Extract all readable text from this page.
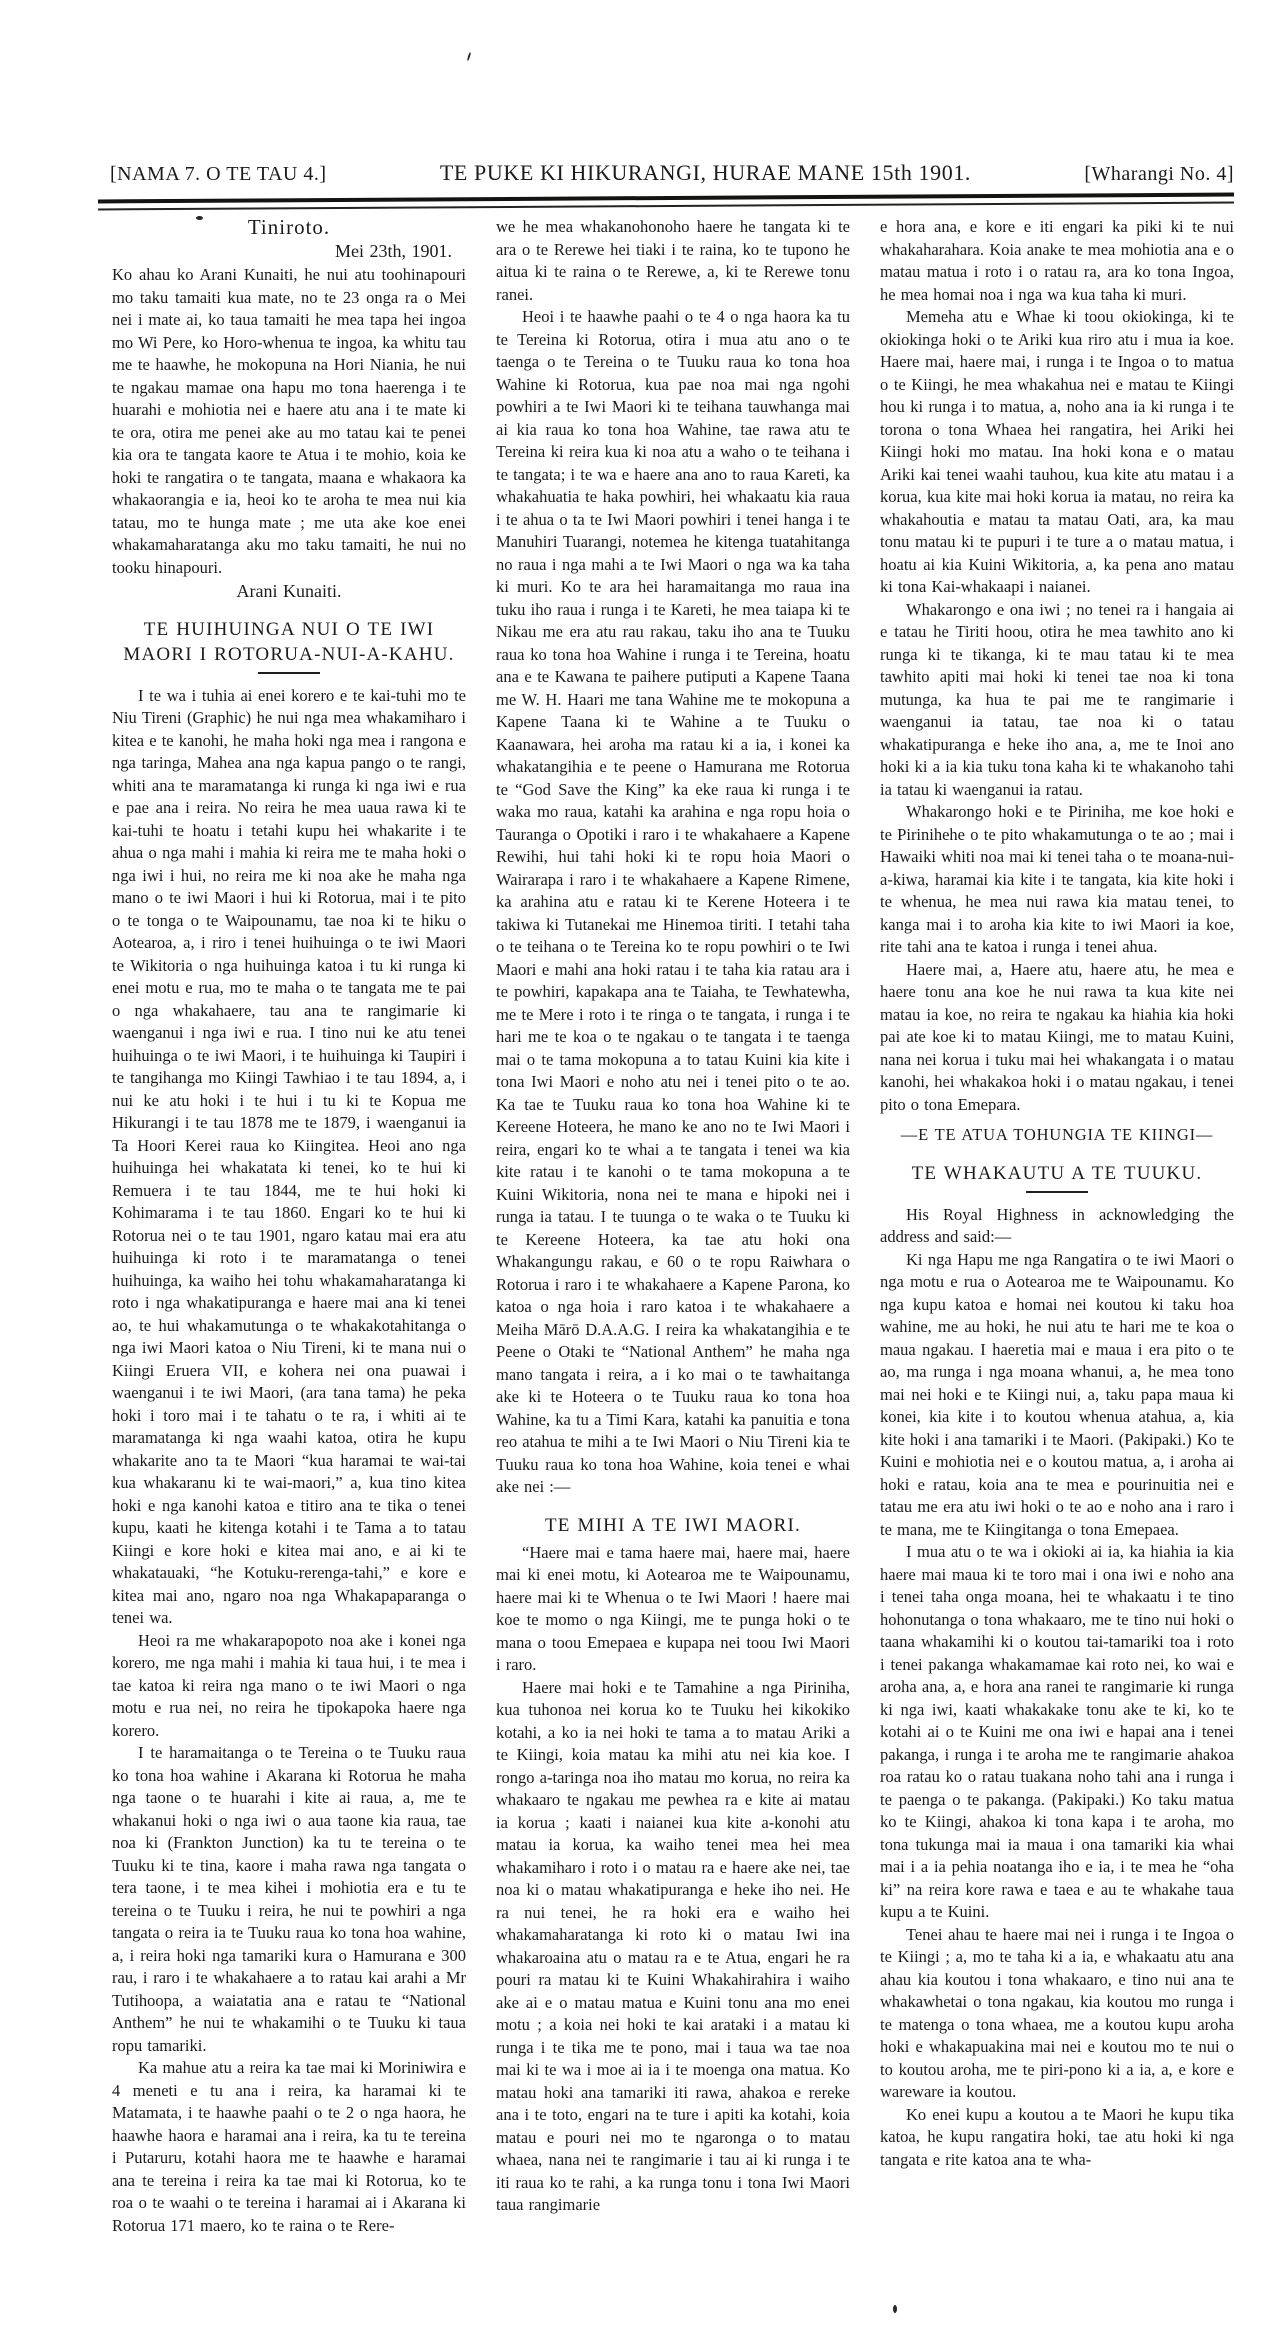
[NAMA 7. O TE TAU 4.]	TE PUKE KI HIKURANGI, HURAE MANE 15th 1901.	[Wharangi No. 4]

Tiniroto.

Mei 23th, 1901.

Ko ahau ko Arani Kunaiti, he nui atu toohinapouri mo taku tamaiti kua mate, no te 23 onga ra o Mei nei i mate ai, ko taua tamaiti he mea tapa hei ingoa mo Wi Pere, ko Horo-whenua te ingoa, ka whitu tau me te haawhe, he mokopuna na Hori Niania, he nui te ngakau mamae ona hapu mo tona haerenga i te huarahi e mohiotia nei e haere atu ana i te mate ki te ora, otira me penei ake au mo tatau kai te penei kia ora te tangata kaore te Atua i te mohio, koia ke hoki te rangatira o te tangata, maana e whakaora ka whakaorangia e ia, heoi ko te aroha te mea nui kia tatau, mo te hunga mate ; me uta ake koe enei whakamaharatanga aku mo taku tamaiti, he nui no tooku hinapouri.

Arani Kunaiti.

TE HUIHUINGA NUI O TE IWI MAORI I ROTORUA-NUI-A-KAHU.

I te wa i tuhia ai enei korero e te kai-tuhi mo te Niu Tireni (Graphic) he nui nga mea whakamiharo i kitea e te kanohi, he maha hoki nga mea i rangona e nga taringa, Mahea ana nga kapua pango o te rangi, whiti ana te maramatanga ki runga ki nga iwi e rua e pae ana i reira. No reira he mea uaua rawa ki te kai-tuhi te hoatu i tetahi kupu hei whakarite i te ahua o nga mahi i mahia ki reira me te maha hoki o nga iwi i hui, no reira me ki noa ake he maha nga mano o te iwi Maori i hui ki Rotorua, mai i te pito o te tonga o te Waipounamu, tae noa ki te hiku o Aotearoa, a, i riro i tenei huihuinga o te iwi Maori te Wikitoria o nga huihuinga katoa i tu ki runga ki enei motu e rua, mo te maha o te tangata me te pai o nga whakahaere, tau ana te rangimarie ki waenganui i nga iwi e rua. I tino nui ke atu tenei huihuinga o te iwi Maori, i te huihuinga ki Taupiri i te tangihanga mo Kiingi Tawhiao i te tau 1894, a, i nui ke atu hoki i te hui i tu ki te Kopua me Hikurangi i te tau 1878 me te 1879, i waenganui ia Ta Hoori Kerei raua ko Kiingitea. Heoi ano nga huihuinga hei whakatata ki tenei, ko te hui ki Remuera i te tau 1844, me te hui hoki ki Kohimarama i te tau 1860. Engari ko te hui ki Rotorua nei o te tau 1901, ngaro katau mai era atu huihuinga ki roto i te maramatanga o tenei huihuinga, ka waiho hei tohu whakamaharatanga ki roto i nga whakatipuranga e haere mai ana ki tenei ao, te hui whakamutunga o te whakakotahitanga o nga iwi Maori katoa o Niu Tireni, ki te mana nui o Kiingi Eruera VII, e kohera nei ona puawai i waenganui i te iwi Maori, (ara tana tama) he peka hoki i toro mai i te tahatu o te ra, i whiti ai te maramatanga ki nga waahi katoa, otira he kupu whakarite ano ta te Maori “kua haramai te wai-tai kua whakaranu ki te wai-maori,” a, kua tino kitea hoki e nga kanohi katoa e titiro ana te tika o tenei kupu, kaati he kitenga kotahi i te Tama a to tatau Kiingi e kore hoki e kitea mai ano, e ai ki te whakatauaki, “he Kotuku-rerenga-tahi,” e kore e kitea mai ano, ngaro noa nga Whakapaparanga o tenei wa.

Heoi ra me whakarapopoto noa ake i konei nga korero, me nga mahi i mahia ki taua hui, i te mea i tae katoa ki reira nga mano o te iwi Maori o nga motu e rua nei, no reira he tipokapoka haere nga korero.

I te haramaitanga o te Tereina o te Tuuku raua ko tona hoa wahine i Akarana ki Rotorua he maha nga taone o te huarahi i kite ai raua, a, me te whakanui hoki o nga iwi o aua taone kia raua, tae noa ki (Frankton Junction) ka tu te tereina o te Tuuku ki te tina, kaore i maha rawa nga tangata o tera taone, i te mea kihei i mohiotia era e tu te tereina o te Tuuku i reira, he nui te powhiri a nga tangata o reira ia te Tuuku raua ko tona hoa wahine, a, i reira hoki nga tamariki kura o Hamurana e 300 rau, i raro i te whakahaere a to ratau kai arahi a Mr Tutihoopa, a waiatatia ana e ratau te “National Anthem” he nui te whakamihi o te Tuuku ki taua ropu tamariki.

Ka mahue atu a reira ka tae mai ki Moriniwira e 4 meneti e tu ana i reira, ka haramai ki te Matamata, i te haawhe paahi o te 2 o nga haora, he haawhe haora e haramai ana i reira, ka tu te tereina i Putaruru, kotahi haora me te haawhe e haramai ana te tereina i reira ka tae mai ki Rotorua, ko te roa o te waahi o te tereina i haramai ai i Akarana ki Rotorua 171 maero, ko te raina o te Rere-

we he mea whakanohonoho haere he tangata ki te ara o te Rerewe hei tiaki i te raina, ko te tupono he aitua ki te raina o te Rerewe, a, ki te Rerewe tonu ranei.

Heoi i te haawhe paahi o te 4 o nga haora ka tu te Tereina ki Rotorua, otira i mua atu ano o te taenga o te Tereina o te Tuuku raua ko tona hoa Wahine ki Rotorua, kua pae noa mai nga ngohi powhiri a te Iwi Maori ki te teihana tauwhanga mai ai kia raua ko tona hoa Wahine, tae rawa atu te Tereina ki reira kua ki noa atu a waho o te teihana i te tangata; i te wa e haere ana ano to raua Kareti, ka whakahuatia te haka powhiri, hei whakaatu kia raua i te ahua o ta te Iwi Maori powhiri i tenei hanga i te Manuhiri Tuarangi, notemea he kitenga tuatahitanga no raua i nga mahi a te Iwi Maori o nga wa ka taha ki muri. Ko te ara hei haramaitanga mo raua ina tuku iho raua i runga i te Kareti, he mea taiapa ki te Nikau me era atu rau rakau, taku iho ana te Tuuku raua ko tona hoa Wahine i runga i te Tereina, hoatu ana e te Kawana te paihere putiputi a Kapene Taana me W. H. Haari me tana Wahine me te mokopuna a Kapene Taana ki te Wahine a te Tuuku o Kaanawara, hei aroha ma ratau ki a ia, i konei ka whakatangihia e te peene o Hamurana me Rotorua te “God Save the King” ka eke raua ki runga i te waka mo raua, katahi ka arahina e nga ropu hoia o Tauranga o Opotiki i raro i te whakahaere a Kapene Rewihi, hui tahi hoki ki te ropu hoia Maori o Wairarapa i raro i te whakahaere a Kapene Rimene, ka arahina atu e ratau ki te Kerene Hoteera i te takiwa ki Tutanekai me Hinemoa tiriti. I tetahi taha o te teihana o te Tereina ko te ropu powhiri o te Iwi Maori e mahi ana hoki ratau i te taha kia ratau ara i te powhiri, kapakapa ana te Taiaha, te Tewhatewha, me te Mere i roto i te ringa o te tangata, i runga i te hari me te koa o te ngakau o te tangata i te taenga mai o te tama mokopuna a to tatau Kuini kia kite i tona Iwi Maori e noho atu nei i tenei pito o te ao. Ka tae te Tuuku raua ko tona hoa Wahine ki te Kereene Hoteera, he mano ke ano no te Iwi Maori i reira, engari ko te whai a te tangata i tenei wa kia kite ratau i te kanohi o te tama mokopuna a te Kuini Wikitoria, nona nei te mana e hipoki nei i runga ia tatau. I te tuunga o te waka o te Tuuku ki te Kereene Hoteera, ka tae atu hoki ona Whakangungu rakau, e 60 o te ropu Raiwhara o Rotorua i raro i te whakahaere a Kapene Parona, ko katoa o nga hoia i raro katoa i te whakahaere a Meiha Mārō D.A.A.G. I reira ka whakatangihia e te Peene o Otaki te “National Anthem” he maha nga mano tangata i reira, a i ko mai o te tawhaitanga ake ki te Hoteera o te Tuuku raua ko tona hoa Wahine, ka tu a Timi Kara, katahi ka panuitia e tona reo atahua te mihi a te Iwi Maori o Niu Tireni kia te Tuuku raua ko tona hoa Wahine, koia tenei e whai ake nei :—

TE MIHI A TE IWI MAORI.

“Haere mai e tama haere mai, haere mai, haere mai ki enei motu, ki Aotearoa me te Waipounamu, haere mai ki te Whenua o te Iwi Maori ! haere mai koe te momo o nga Kiingi, me te punga hoki o te mana o toou Emepaea e kupapa nei toou Iwi Maori i raro.

Haere mai hoki e te Tamahine a nga Piriniha, kua tuhonoa nei korua ko te Tuuku hei kikokiko kotahi, a ko ia nei hoki te tama a to matau Ariki a te Kiingi, koia matau ka mihi atu nei kia koe. I rongo a-taringa noa iho matau mo korua, no reira ka whakaaro te ngakau me pewhea ra e kite ai matau ia korua ; kaati i naianei kua kite a-konohi atu matau ia korua, ka waiho tenei mea hei mea whakamiharo i roto i o matau ra e haere ake nei, tae noa ki o matau whakatipuranga e heke iho nei. He ra nui tenei, he ra hoki era e waiho hei whakamaharatanga ki roto ki o matau Iwi ina whakaroaina atu o matau ra e te Atua, engari he ra pouri ra matau ki te Kuini Whakahirahira i waiho ake ai e o matau matua e Kuini tonu ana mo enei motu ; a koia nei hoki te kai arataki i a matau ki runga i te tika me te pono, mai i taua wa tae noa mai ki te wa i moe ai ia i te moenga ona matua. Ko matau hoki ana tamariki iti rawa, ahakoa e rereke ana i te toto, engari na te ture i apiti ka kotahi, koia matau e pouri nei mo te ngaronga o to matau whaea, nana nei te rangimarie i tau ai ki runga i te iti raua ko te rahi, a ka runga tonu i tona Iwi Maori taua rangimarie

e hora ana, e kore e iti engari ka piki ki te nui whakaharahara. Koia anake te mea mohiotia ana e o matau matua i roto i o ratau ra, ara ko tona Ingoa, he mea homai noa i nga wa kua taha ki muri.

Memeha atu e Whae ki toou okiokinga, ki te okiokinga hoki o te Ariki kua riro atu i mua ia koe. Haere mai, haere mai, i runga i te Ingoa o to matua o te Kiingi, he mea whakahua nei e matau te Kiingi hou ki runga i to matua, a, noho ana ia ki runga i te torona o tona Whaea hei rangatira, hei Ariki hei Kiingi hoki mo matau. Ina hoki kona e o matau Ariki kai tenei waahi tauhou, kua kite atu matau i a korua, kua kite mai hoki korua ia matau, no reira ka whakahoutia e matau ta matau Oati, ara, ka mau tonu matau ki te pupuri i te ture a o matau matua, i hoatu ai kia Kuini Wikitoria, a, ka pena ano matau ki tona Kai-whakaapi i naianei.

Whakarongo e ona iwi ; no tenei ra i hangaia ai e tatau he Tiriti hoou, otira he mea tawhito ano ki runga ki te tikanga, ki te mau tatau ki te mea tawhito apiti mai hoki ki tenei tae noa ki tona mutunga, ka hua te pai me te rangimarie i waenganui ia tatau, tae noa ki o tatau whakatipuranga e heke iho ana, a, me te Inoi ano hoki ki a ia kia tuku tona kaha ki te whakanoho tahi ia tatau ki waenganui ia ratau.

Whakarongo hoki e te Piriniha, me koe hoki e te Pirinihehe o te pito whakamutunga o te ao ; mai i Hawaiki whiti noa mai ki tenei taha o te moana-nui-a-kiwa, haramai kia kite i te tangata, kia kite hoki i te whenua, he mea nui rawa kia matau tenei, to kanga mai i to aroha kia kite to iwi Maori ia koe, rite tahi ana te katoa i runga i tenei ahua.

Haere mai, a, Haere atu, haere atu, he mea e haere tonu ana koe he nui rawa ta kua kite nei matau ia koe, no reira te ngakau ka hiahia kia hoki pai ate koe ki to matau Kiingi, me to matau Kuini, nana nei korua i tuku mai hei whakangata i o matau kanohi, hei whakakoa hoki i o matau ngakau, i tenei pito o tona Emepara.

—E TE ATUA TOHUNGIA TE KIINGI—

TE WHAKAUTU A TE TUUKU.

His Royal Highness in acknowledging the address and said:—

Ki nga Hapu me nga Rangatira o te iwi Maori o nga motu e rua o Aotearoa me te Waipounamu. Ko nga kupu katoa e homai nei koutou ki taku hoa wahine, me au hoki, he nui atu te hari me te koa o maua ngakau. I haeretia mai e maua i era pito o te ao, ma runga i nga moana whanui, a, he mea tono mai nei hoki e te Kiingi nui, a, taku papa maua ki konei, kia kite i to koutou whenua atahua, a, kia kite hoki i ana tamariki i te Maori. (Pakipaki.) Ko te Kuini e mohiotia nei e o koutou matua, a, i aroha ai hoki e ratau, koia ana te mea e pourinuitia nei e tatau me era atu iwi hoki o te ao e noho ana i raro i te mana, me te Kiingitanga o tona Emepaea.

I mua atu o te wa i okioki ai ia, ka hiahia ia kia haere mai maua ki te toro mai i ona iwi e noho ana i tenei taha onga moana, hei te whakaatu i te tino hohonutanga o tona whakaaro, me te tino nui hoki o taana whakamihi ki o koutou tai-tamariki toa i roto i tenei pakanga whakamamae kai roto nei, ko wai e aroha ana, a, e hora ana ranei te rangimarie ki runga ki nga iwi, kaati whakakake tonu ake te ki, ko te kotahi ai o te Kuini me ona iwi e hapai ana i tenei pakanga, i runga i te aroha me te rangimarie ahakoa roa ratau ko o ratau tuakana noho tahi ana i runga i te paenga o te pakanga. (Pakipaki.) Ko taku matua ko te Kiingi, ahakoa ki tona kapa i te aroha, mo tona tukunga mai ia maua i ona tamariki kia whai mai i a ia pehia noatanga iho e ia, i te mea he “oha ki” na reira kore rawa e taea e au te whakahe taua kupu a te Kuini.

Tenei ahau te haere mai nei i runga i te Ingoa o te Kiingi ; a, mo te taha ki a ia, e whakaatu atu ana ahau kia koutou i tona whakaaro, e tino nui ana te whakawhetai o tona ngakau, kia koutou mo runga i te matenga o tona whaea, me a koutou kupu aroha hoki e whakapuakina mai nei e koutou mo te nui o to koutou aroha, me te piri-pono ki a ia, a, e kore e wareware ia koutou.

Ko enei kupu a koutou a te Maori he kupu tika katoa, he kupu rangatira hoki, tae atu hoki ki nga tangata e rite katoa ana te wha-
